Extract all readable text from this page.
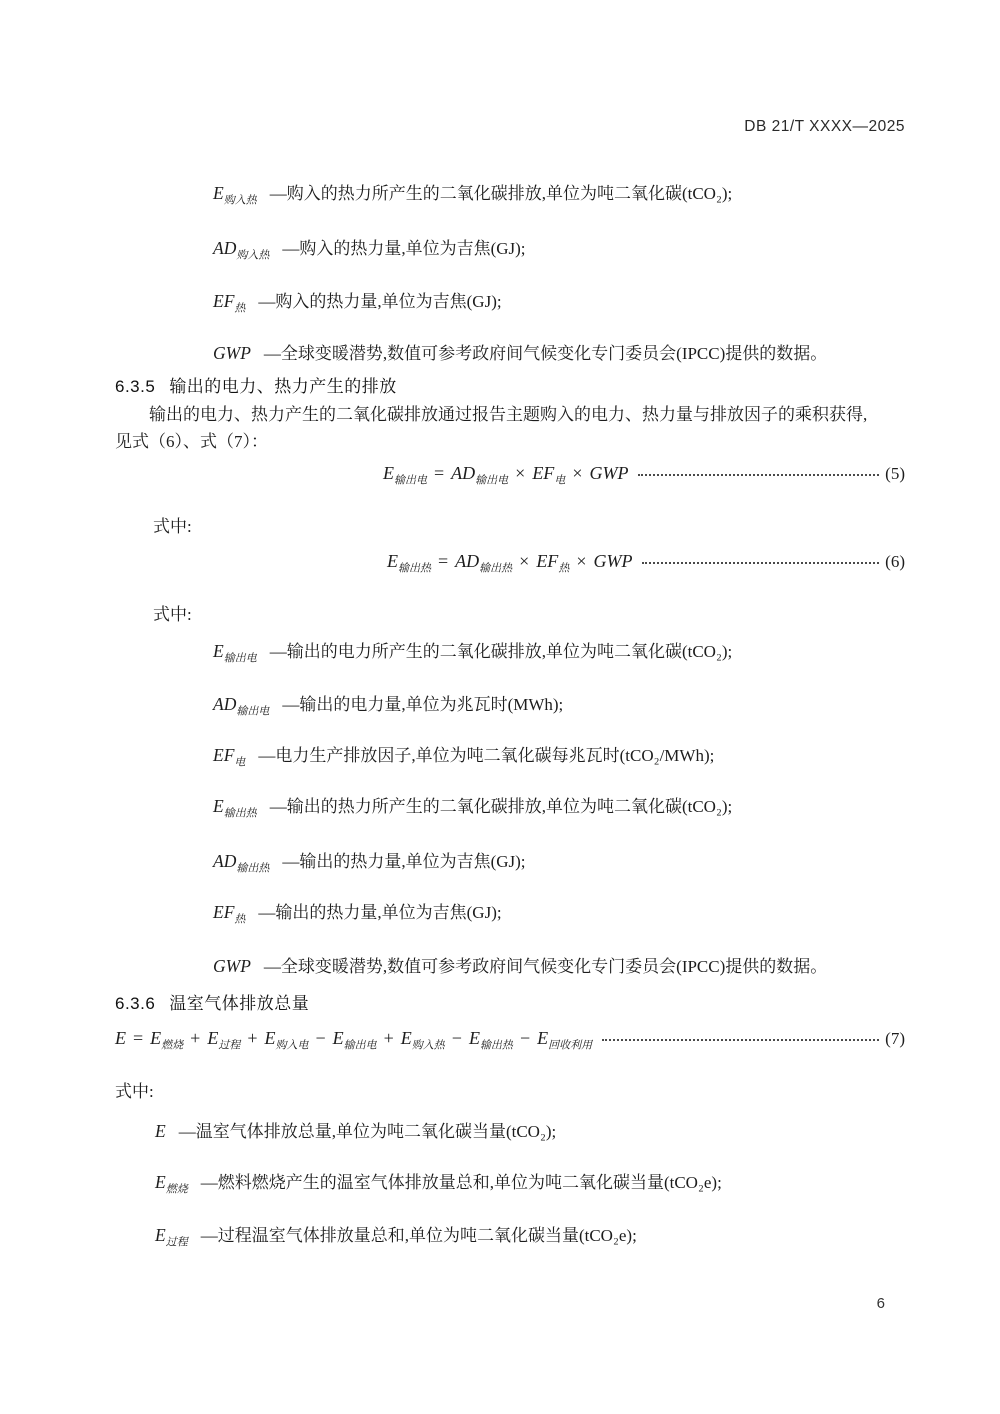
DB 21/T XXXX—2025
$E_{购入热}$ —购入的热力所产生的二氧化碳排放,单位为吨二氧化碳(tCO₂);
$AD_{购入热}$ —购入的热力量,单位为吉焦(GJ);
$EF_热$ —购入的热力量,单位为吉焦(GJ);
GWP —全球变暖潜势,数值可参考政府间气候变化专门委员会(IPCC)提供的数据。
6.3.5 输出的电力、热力产生的排放
输出的电力、热力产生的二氧化碳排放通过报告主题购入的电力、热力量与排放因子的乘积获得,
见式（6）、式（7）：
$E_{输出电} = AD_{输出电} \times EF_电$ × GWP	(5)
式中:
$E_{输出热} = AD_{输出热} \times EF_热$ × GWP	(6)
式中:
$E_{输出电}$ —输出的电力所产生的二氧化碳排放,单位为吨二氧化碳(tCO₂);
$AD_{输出电}$ —输出的电力量,单位为兆瓦时(MWh);
$EF_电$ —电力生产排放因子,单位为吨二氧化碳每兆瓦时(tCO₂/MWh);
$E_{输出热}$ —输出的热力所产生的二氧化碳排放,单位为吨二氧化碳(tCO₂);
$AD_{输出热}$ —输出的热力量,单位为吉焦(GJ);
$EF_热$ —输出的热力量,单位为吉焦(GJ);
GWP —全球变暖潜势,数值可参考政府间气候变化专门委员会(IPCC)提供的数据。
6.3.6 温室气体排放总量
$E = E_{燃烧} + E_{过程} + E_{购入电} - E_{输出电} + E_{购入热} - E_{输出热} - E_{回收利用}$	(7)
式中:
E —温室气体排放总量,单位为吨二氧化碳当量(tCO₂);
$E_{燃烧}$ —燃料燃烧产生的温室气体排放量总和,单位为吨二氧化碳当量(tCO₂e);
$E_{过程}$ —过程温室气体排放量总和,单位为吨二氧化碳当量(tCO₂e);
6
